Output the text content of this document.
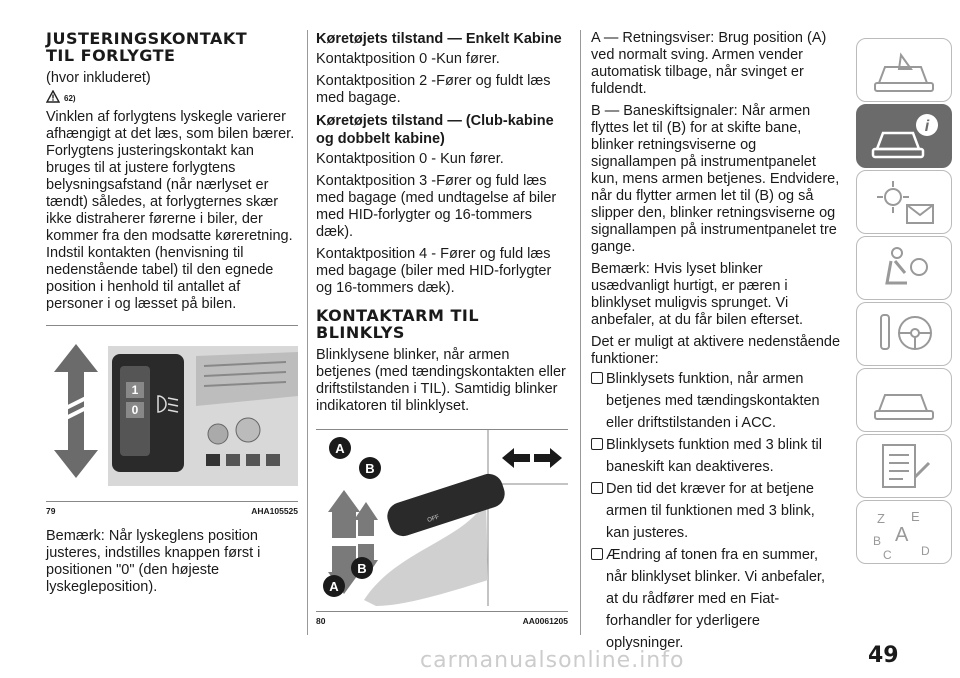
JUSTERINGSKONTAKT
TIL FORLYGTE

(hvor inkluderet)

62)

Vinklen af forlygtens lyskegle varierer afhængigt at det læs, som bilen bærer. Forlygtens justeringskontakt kan bruges til at justere forlygtens belysningsafstand (når nærlyset er tændt) således, at forlygternes skær ikke distraherer førerne i biler, der kommer fra den modsatte køreretning. Indstil kontakten (henvisning til nedenstående tabel) til den egnede position i henhold til antallet af personer i og læsset på bilen.

1
0
79	AHA105525

Bemærk: Når lyskeglens position justeres, indstilles knappen først i positionen "0" (den højeste lyskegleposition).

Køretøjets tilstand — Enkelt Kabine

Kontaktposition 0 -Kun fører.

Kontaktposition 2 -Fører og fuldt læs med bagage.

Køretøjets tilstand — (Club-kabine og dobbelt kabine)

Kontaktposition 0 - Kun fører.

Kontaktposition 3 -Fører og fuld læs med bagage (med undtagelse af biler med HID-forlygter og 16-tommers dæk).

Kontaktposition 4 - Fører og fuld læs med bagage (biler med HID-forlygter og 16-tommers dæk).

KONTAKTARM TIL
BLINKLYS

Blinklysene blinker, når armen betjenes (med tændingskontakten eller driftstilstanden i TIL). Samtidig blinker indikatoren til blinklyset.

OFF
A
B
B
A
80	AA0061205

A — Retningsviser: Brug position (A) ved normalt sving. Armen vender automatisk tilbage, når svinget er fuldendt.

B — Baneskiftsignaler: Når armen flyttes let til (B) for at skifte bane, blinker retningsviserne og signallampen på instrumentpanelet kun, mens armen betjenes. Endvidere, når du flytter armen let til (B) og så slipper den, blinker retningsviserne og signallampen på instrumentpanelet tre gange.

Bemærk: Hvis lyset blinker usædvanligt hurtigt, er pæren i blinklyset muligvis sprunget. Vi anbefaler, at du får bilen efterset.

Det er muligt at aktivere nedenstående funktioner:

Blinklysets funktion, når armen betjenes med tændingskontakten eller driftstilstanden i ACC.
Blinklysets funktion med 3 blink til baneskift kan deaktiveres.
Den tid det kræver for at betjene armen til funktionen med 3 blink, kan justeres.
Ændring af tonen fra en summer, når blinklyset blinker. Vi anbefaler, at du rådfører med en Fiat-forhandler for yderligere oplysninger.
i
Z E
A
B
C D
carmanualsonline.info	49
